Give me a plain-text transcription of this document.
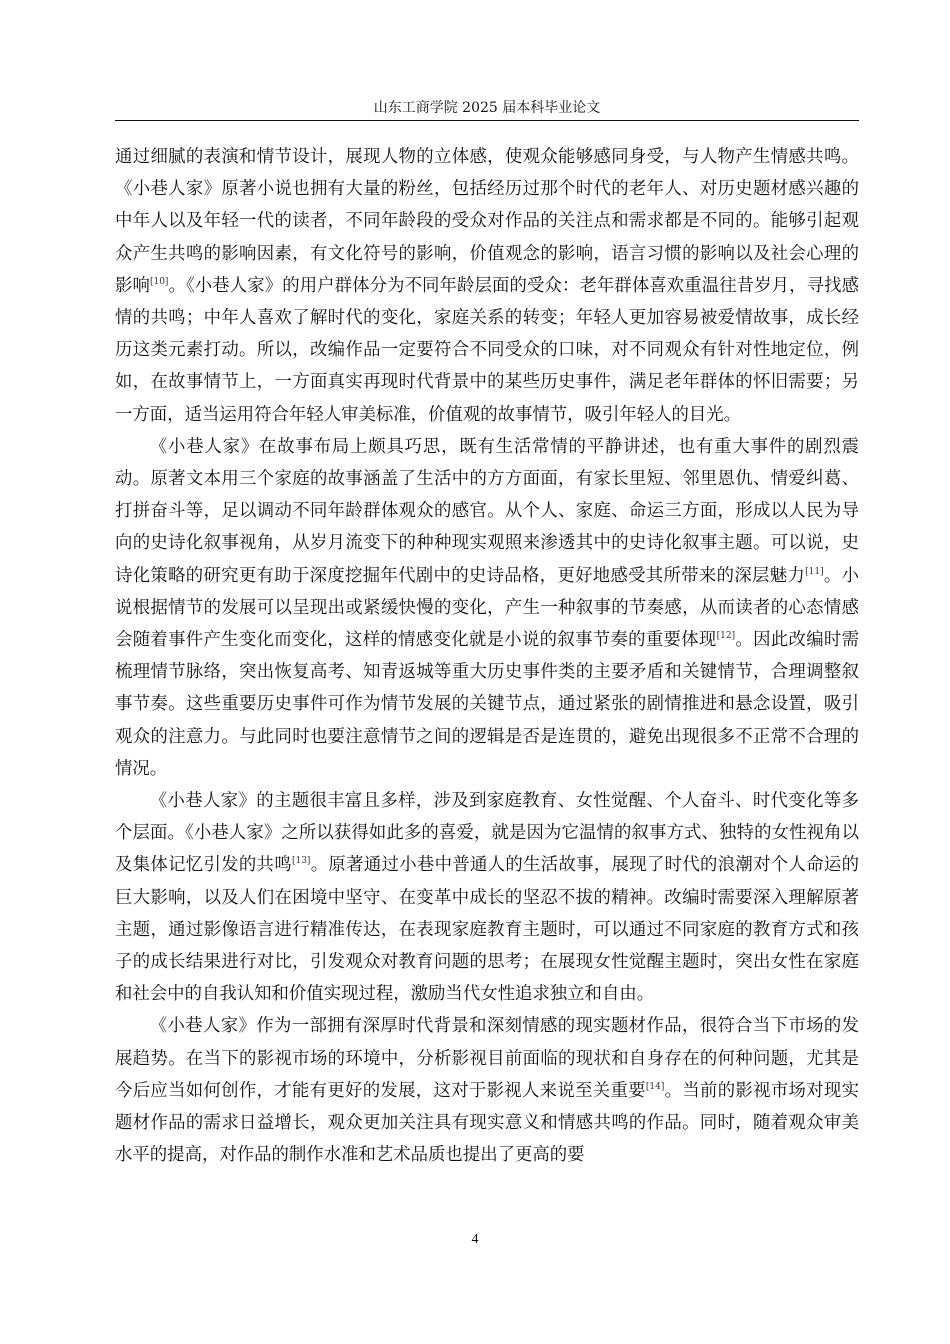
山东工商学院 2025 届本科毕业论文

通过细腻的表演和情节设计，展现人物的立体感，使观众能够感同身受，与人物产生情感共鸣。《小巷人家》原著小说也拥有大量的粉丝，包括经历过那个时代的老年人、对历史题材感兴趣的中年人以及年轻一代的读者，不同年龄段的受众对作品的关注点和需求都是不同的。能够引起观众产生共鸣的影响因素，有文化符号的影响，价值观念的影响，语言习惯的影响以及社会心理的影响[10]。《小巷人家》的用户群体分为不同年龄层面的受众：老年群体喜欢重温往昔岁月，寻找感情的共鸣；中年人喜欢了解时代的变化，家庭关系的转变；年轻人更加容易被爱情故事，成长经历这类元素打动。所以，改编作品一定要符合不同受众的口味，对不同观众有针对性地定位，例如，在故事情节上，一方面真实再现时代背景中的某些历史事件，满足老年群体的怀旧需要；另一方面，适当运用符合年轻人审美标准，价值观的故事情节，吸引年轻人的目光。

《小巷人家》在故事布局上颇具巧思，既有生活常情的平静讲述，也有重大事件的剧烈震动。原著文本用三个家庭的故事涵盖了生活中的方方面面，有家长里短、邻里恩仇、情爱纠葛、打拼奋斗等，足以调动不同年龄群体观众的感官。从个人、家庭、命运三方面，形成以人民为导向的史诗化叙事视角，从岁月流变下的种种现实观照来渗透其中的史诗化叙事主题。可以说，史诗化策略的研究更有助于深度挖掘年代剧中的史诗品格，更好地感受其所带来的深层魅力[11]。小说根据情节的发展可以呈现出或紧缓快慢的变化，产生一种叙事的节奏感，从而读者的心态情感会随着事件产生变化而变化，这样的情感变化就是小说的叙事节奏的重要体现[12]。因此改编时需梳理情节脉络，突出恢复高考、知青返城等重大历史事件类的主要矛盾和关键情节，合理调整叙事节奏。这些重要历史事件可作为情节发展的关键节点，通过紧张的剧情推进和悬念设置，吸引观众的注意力。与此同时也要注意情节之间的逻辑是否是连贯的，避免出现很多不正常不合理的情况。

《小巷人家》的主题很丰富且多样，涉及到家庭教育、女性觉醒、个人奋斗、时代变化等多个层面。《小巷人家》之所以获得如此多的喜爱，就是因为它温情的叙事方式、独特的女性视角以及集体记忆引发的共鸣[13]。原著通过小巷中普通人的生活故事，展现了时代的浪潮对个人命运的巨大影响，以及人们在困境中坚守、在变革中成长的坚忍不拔的精神。改编时需要深入理解原著主题，通过影像语言进行精准传达，在表现家庭教育主题时，可以通过不同家庭的教育方式和孩子的成长结果进行对比，引发观众对教育问题的思考；在展现女性觉醒主题时，突出女性在家庭和社会中的自我认知和价值实现过程，激励当代女性追求独立和自由。

《小巷人家》作为一部拥有深厚时代背景和深刻情感的现实题材作品，很符合当下市场的发展趋势。在当下的影视市场的环境中，分析影视目前面临的现状和自身存在的何种问题，尤其是今后应当如何创作，才能有更好的发展，这对于影视人来说至关重要[14]。当前的影视市场对现实题材作品的需求日益增长，观众更加关注具有现实意义和情感共鸣的作品。同时，随着观众审美水平的提高，对作品的制作水准和艺术品质也提出了更高的要

4
